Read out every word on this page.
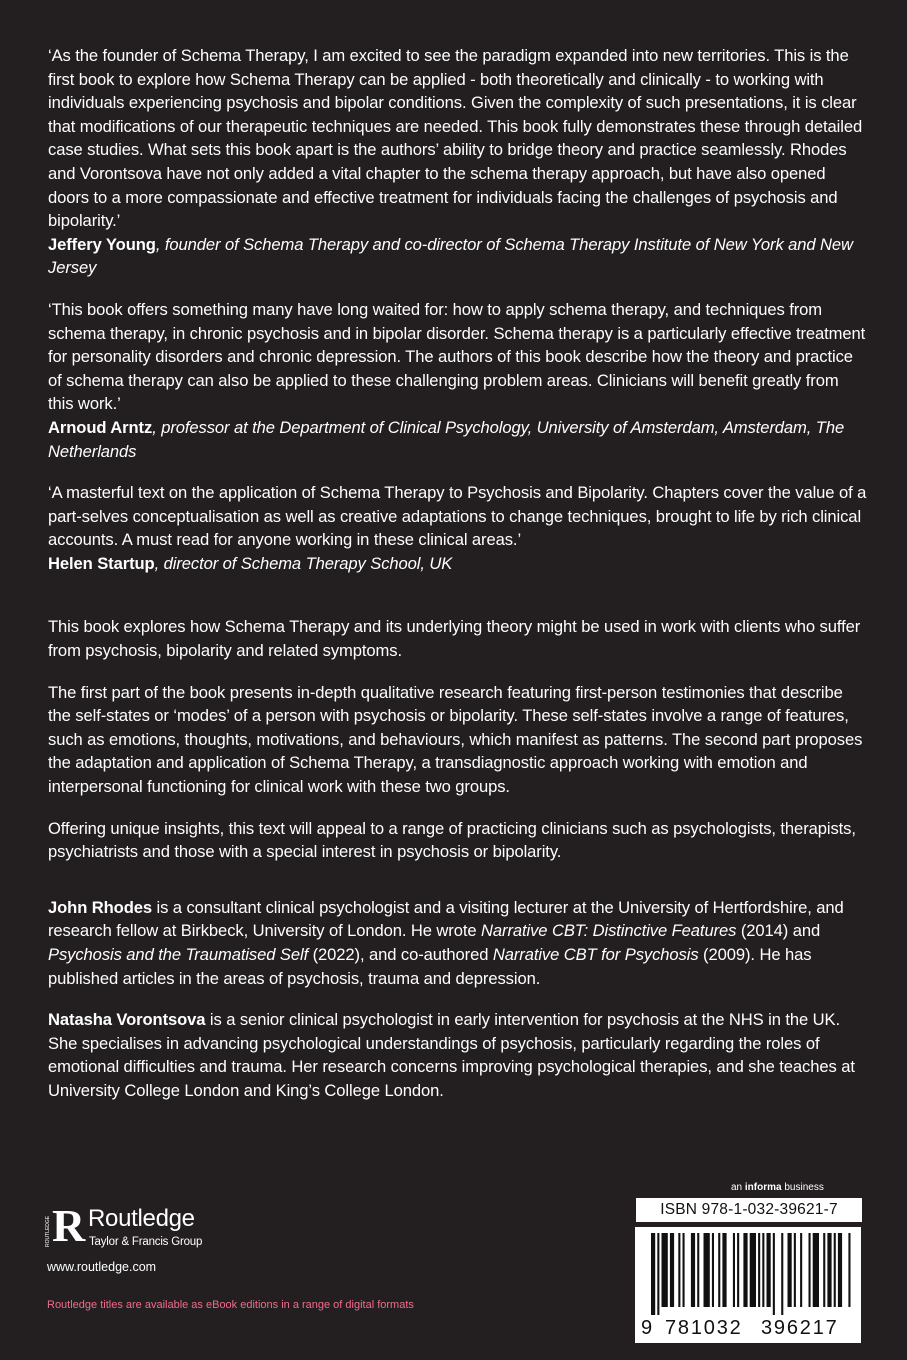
‘As the founder of Schema Therapy, I am excited to see the paradigm expanded into new territories. This is the first book to explore how Schema Therapy can be applied - both theoretically and clinically - to working with individuals experiencing psychosis and bipolar conditions. Given the complexity of such presentations, it is clear that modifications of our therapeutic techniques are needed. This book fully demonstrates these through detailed case studies. What sets this book apart is the authors’ ability to bridge theory and practice seamlessly. Rhodes and Vorontsova have not only added a vital chapter to the schema therapy approach, but have also opened doors to a more compassionate and effective treatment for individuals facing the challenges of psychosis and bipolarity.’

Jeffery Young, founder of Schema Therapy and co-director of Schema Therapy Institute of New York and New Jersey

‘This book offers something many have long waited for: how to apply schema therapy, and techniques from schema therapy, in chronic psychosis and in bipolar disorder. Schema therapy is a particularly effective treatment for personality disorders and chronic depression. The authors of this book describe how the theory and practice of schema therapy can also be applied to these challenging problem areas. Clinicians will benefit greatly from this work.’

Arnoud Arntz, professor at the Department of Clinical Psychology, University of Amsterdam, Amsterdam, The Netherlands

‘A masterful text on the application of Schema Therapy to Psychosis and Bipolarity. Chapters cover the value of a part-selves conceptualisation as well as creative adaptations to change techniques, brought to life by rich clinical accounts. A must read for anyone working in these clinical areas.’

Helen Startup, director of Schema Therapy School, UK

This book explores how Schema Therapy and its underlying theory might be used in work with clients who suffer from psychosis, bipolarity and related symptoms.

The first part of the book presents in-depth qualitative research featuring first-person testimonies that describe the self-states or ‘modes’ of a person with psychosis or bipolarity. These self-states involve a range of features, such as emotions, thoughts, motivations, and behaviours, which manifest as patterns. The second part proposes the adaptation and application of Schema Therapy, a transdiagnostic approach working with emotion and interpersonal functioning for clinical work with these two groups.

Offering unique insights, this text will appeal to a range of practicing clinicians such as psychologists, therapists, psychiatrists and those with a special interest in psychosis or bipolarity.

John Rhodes is a consultant clinical psychologist and a visiting lecturer at the University of Hertfordshire, and research fellow at Birkbeck, University of London. He wrote Narrative CBT: Distinctive Features (2014) and Psychosis and the Traumatised Self (2022), and co-authored Narrative CBT for Psychosis (2009). He has published articles in the areas of psychosis, trauma and depression.

Natasha Vorontsova is a senior clinical psychologist in early intervention for psychosis at the NHS in the UK. She specialises in advancing psychological understandings of psychosis, particularly regarding the roles of emotional difficulties and trauma. Her research concerns improving psychological therapies, and she teaches at University College London and King’s College London.

R
ROUTLEDGE Routledge
Taylor & Francis Group
www.routledge.com
Routledge titles are available as eBook editions in a range of digital formats
an informa business
ISBN 978-1-032-39621-7
9 781032 396217
